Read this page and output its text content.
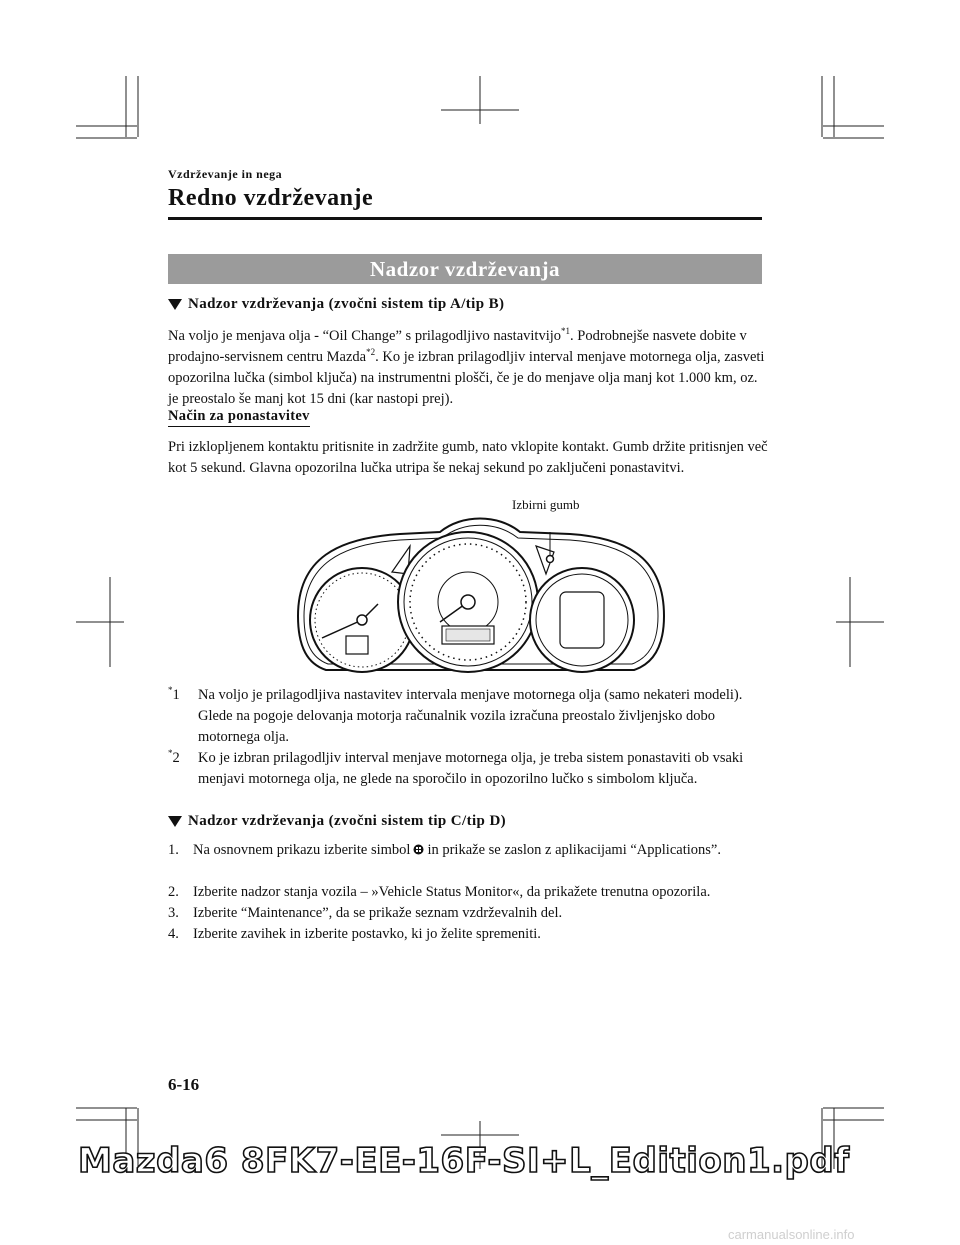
Vzdrževanje in nega
Redno vzdrževanje
Nadzor vzdrževanja
Nadzor vzdrževanja (zvočni sistem tip A/tip B)
Na voljo je menjava olja - “Oil Change” s prilagodljivo nastavitvijo$^{*1}$. Podrobnejše nasvete dobite v prodajno-servisnem centru Mazda$^{*2}$. Ko je izbran prilagodljiv interval menjave motornega olja, zasveti opozorilna lučka (simbol ključa) na instrumentni plošči, če je do menjave olja manj kot 1.000 km, oz. je preostalo še manj kot 15 dni (kar nastopi prej).
Način za ponastavitev
Pri izklopljenem kontaktu pritisnite in zadržite gumb, nato vklopite kontakt. Gumb držite pritisnjen več kot 5 sekund. Glavna opozorilna lučka utripa še nekaj sekund po zaključeni ponastavitvi.
Izbirni gumb
*1 Na voljo je prilagodljiva nastavitev intervala menjave motornega olja (samo nekateri modeli). Glede na pogoje delovanja motorja računalnik vozila izračuna preostalo življenjsko dobo motornega olja.
*2 Ko je izbran prilagodljiv interval menjave motornega olja, je treba sistem ponastaviti ob vsaki menjavi motornega olja, ne glede na sporočilo in opozorilno lučko s simbolom ključa.
Nadzor vzdrževanja (zvočni sistem tip C/tip D)
1. Na osnovnem prikazu izberite simbol in prikaže se zaslon z aplikacijami “Applications”.
2. Izberite nadzor stanja vozila – »Vehicle Status Monitor«, da prikažete trenutna opozorila.
3. Izberite “Maintenance”, da se prikaže seznam vzdrževalnih del.
4. Izberite zavihek in izberite postavko, ki jo želite spremeniti.
6-16
Mazda6 8FK7-EE-16F-SI+L_Edition1.pdf
carmanualsonline.info
